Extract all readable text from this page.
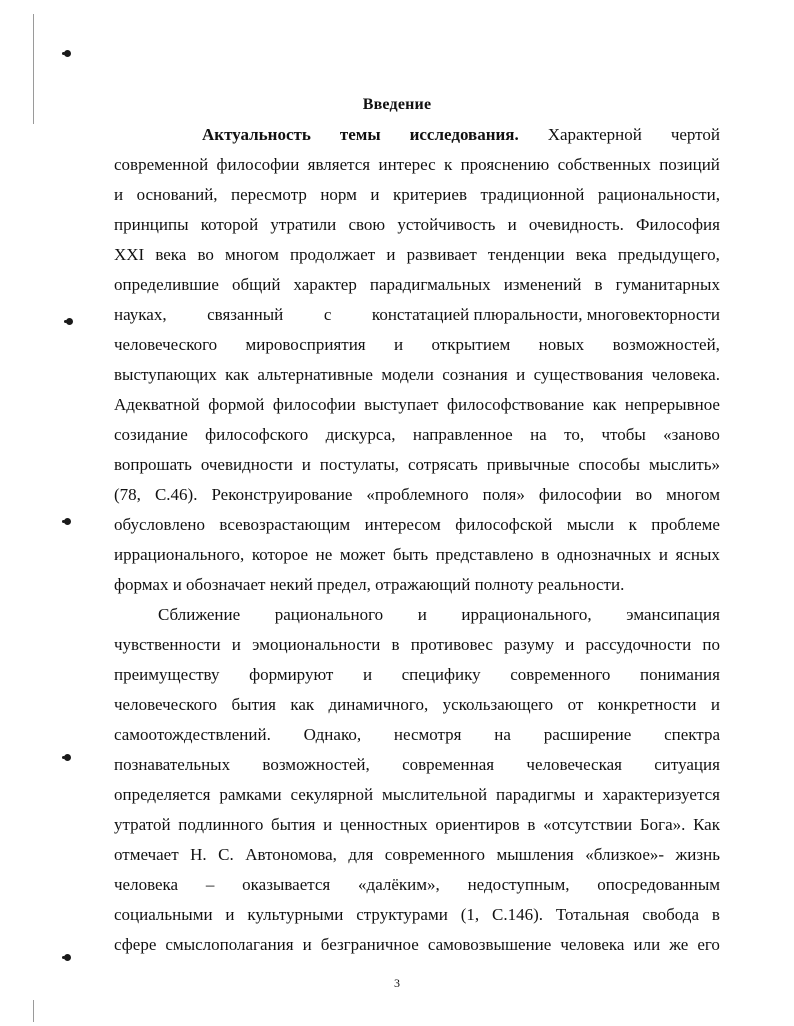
Введение
Актуальность темы исследования. Характерной чертой
современной философии является интерес к прояснению собственных позиций
и оснований, пересмотр норм и критериев традиционной рациональности,
принципы которой утратили свою устойчивость и очевидность. Философия
XXI века во многом продолжает и развивает тенденции века предыдущего,
определившие общий характер парадигмальных изменений в гуманитарных
науках, связанный с констатацией плюральности, многовекторности
человеческого мировосприятия и открытием новых возможностей,
выступающих как альтернативные модели сознания и существования человека.
Адекватной формой философии выступает философствование как непрерывное
созидание философского дискурса, направленное на то, чтобы «заново
вопрошать очевидности и постулаты, сотрясать привычные способы мыслить»
(78, С.46). Реконструирование «проблемного поля» философии во многом
обусловлено всевозрастающим интересом философской мысли к проблеме
иррационального, которое не может быть представлено в однозначных и ясных
формах и обозначает некий предел, отражающий полноту реальности.
Сближение рационального и иррационального, эмансипация
чувственности и эмоциональности в противовес разуму и рассудочности по
преимуществу формируют и специфику современного понимания
человеческого бытия как динамичного, ускользающего от конкретности и
самоотождествлений. Однако, несмотря на расширение спектра
познавательных возможностей, современная человеческая ситуация
определяется рамками секулярной мыслительной парадигмы и характеризуется
утратой подлинного бытия и ценностных ориентиров в «отсутствии Бога». Как
отмечает Н. С. Автономова, для современного мышления «близкое»- жизнь
человека – оказывается «далёким», недоступным, опосредованным
социальными и культурными структурами (1, С.146). Тотальная свобода в
сфере смыслополагания и безграничное самовозвышение человека или же его
3
